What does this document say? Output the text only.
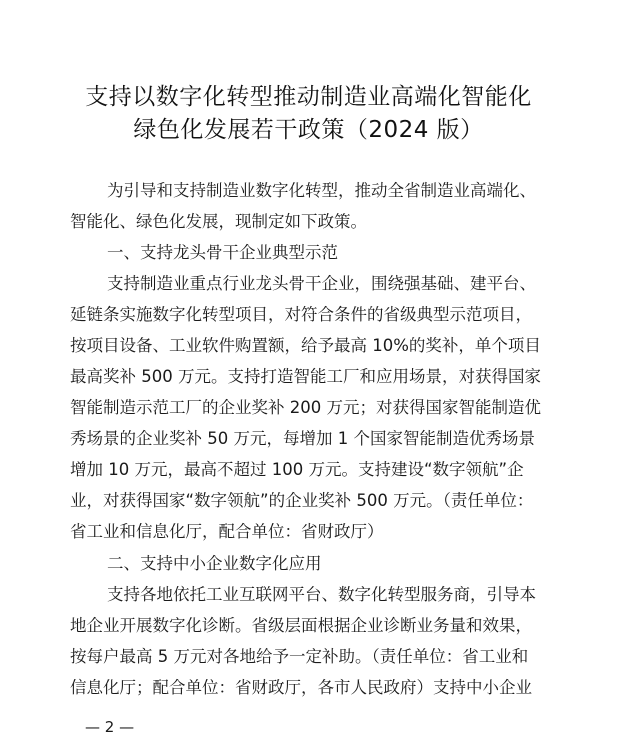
支持以数字化转型推动制造业高端化智能化
绿色化发展若干政策（2024 版）

为引导和支持制造业数字化转型，推动全省制造业高端化、

智能化、绿色化发展，现制定如下政策。

一、支持龙头骨干企业典型示范

支持制造业重点行业龙头骨干企业，围绕强基础、建平台、

延链条实施数字化转型项目，对符合条件的省级典型示范项目，

按项目设备、工业软件购置额，给予最高 10%的奖补，单个项目

最高奖补 500 万元。支持打造智能工厂和应用场景，对获得国家

智能制造示范工厂的企业奖补 200 万元；对获得国家智能制造优

秀场景的企业奖补 50 万元，每增加 1 个国家智能制造优秀场景

增加 10 万元，最高不超过 100 万元。支持建设“数字领航”企

业，对获得国家“数字领航”的企业奖补 500 万元。（责任单位：

省工业和信息化厅，配合单位：省财政厅）

二、支持中小企业数字化应用

支持各地依托工业互联网平台、数字化转型服务商，引导本

地企业开展数字化诊断。省级层面根据企业诊断业务量和效果，

按每户最高 5 万元对各地给予一定补助。（责任单位：省工业和

信息化厅；配合单位：省财政厅，各市人民政府）支持中小企业

— 2 —
